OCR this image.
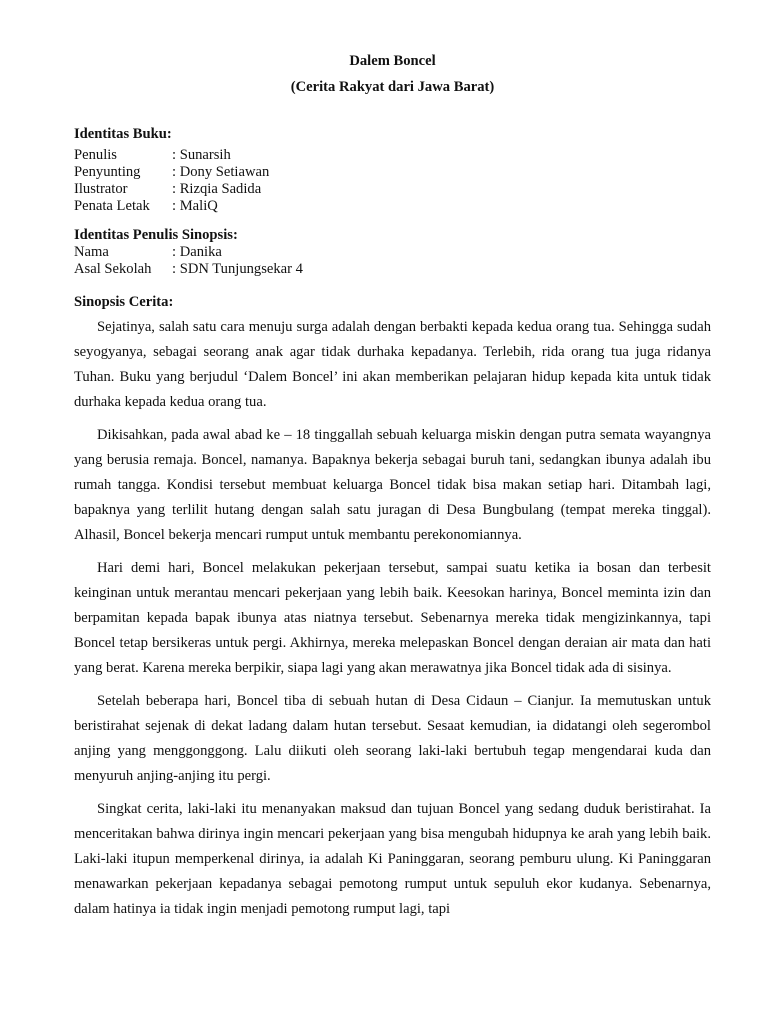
Dalem Boncel

(Cerita Rakyat dari Jawa Barat)

Identitas Buku:

Penulis	: Sunarsih
Penyunting	: Dony Setiawan
Ilustrator	: Rizqia Sadida
Penata Letak	: MaliQ

Identitas Penulis Sinopsis:

Nama	: Danika
Asal Sekolah	: SDN Tunjungsekar 4

Sinopsis Cerita:

Sejatinya, salah satu cara menuju surga adalah dengan berbakti kepada kedua orang tua. Sehingga sudah seyogyanya, sebagai seorang anak agar tidak durhaka kepadanya. Terlebih, rida orang tua juga ridanya Tuhan. Buku yang berjudul ‘Dalem Boncel’ ini akan memberikan pelajaran hidup kepada kita untuk tidak durhaka kepada kedua orang tua.

Dikisahkan, pada awal abad ke – 18 tinggallah sebuah keluarga miskin dengan putra semata wayangnya yang berusia remaja. Boncel, namanya. Bapaknya bekerja sebagai buruh tani, sedangkan ibunya adalah ibu rumah tangga. Kondisi tersebut membuat keluarga Boncel tidak bisa makan setiap hari. Ditambah lagi, bapaknya yang terlilit hutang dengan salah satu juragan di Desa Bungbulang (tempat mereka tinggal). Alhasil, Boncel bekerja mencari rumput untuk membantu perekonomiannya.

Hari demi hari, Boncel melakukan pekerjaan tersebut, sampai suatu ketika ia bosan dan terbesit keinginan untuk merantau mencari pekerjaan yang lebih baik. Keesokan harinya, Boncel meminta izin dan berpamitan kepada bapak ibunya atas niatnya tersebut. Sebenarnya mereka tidak mengizinkannya, tapi Boncel tetap bersikeras untuk pergi. Akhirnya, mereka melepaskan Boncel dengan deraian air mata dan hati yang berat. Karena mereka berpikir, siapa lagi yang akan merawatnya jika Boncel tidak ada di sisinya.

Setelah beberapa hari, Boncel tiba di sebuah hutan di Desa Cidaun – Cianjur. Ia memutuskan untuk beristirahat sejenak di dekat ladang dalam hutan tersebut. Sesaat kemudian, ia didatangi oleh segerombol anjing yang menggonggong. Lalu diikuti oleh seorang laki-laki bertubuh tegap mengendarai kuda dan menyuruh anjing-anjing itu pergi.

Singkat cerita, laki-laki itu menanyakan maksud dan tujuan Boncel yang sedang duduk beristirahat. Ia menceritakan bahwa dirinya ingin mencari pekerjaan yang bisa mengubah hidupnya ke arah yang lebih baik. Laki-laki itupun memperkenal dirinya, ia adalah Ki Paninggaran, seorang pemburu ulung. Ki Paninggaran menawarkan pekerjaan kepadanya sebagai pemotong rumput untuk sepuluh ekor kudanya. Sebenarnya, dalam hatinya ia tidak ingin menjadi pemotong rumput lagi, tapi
